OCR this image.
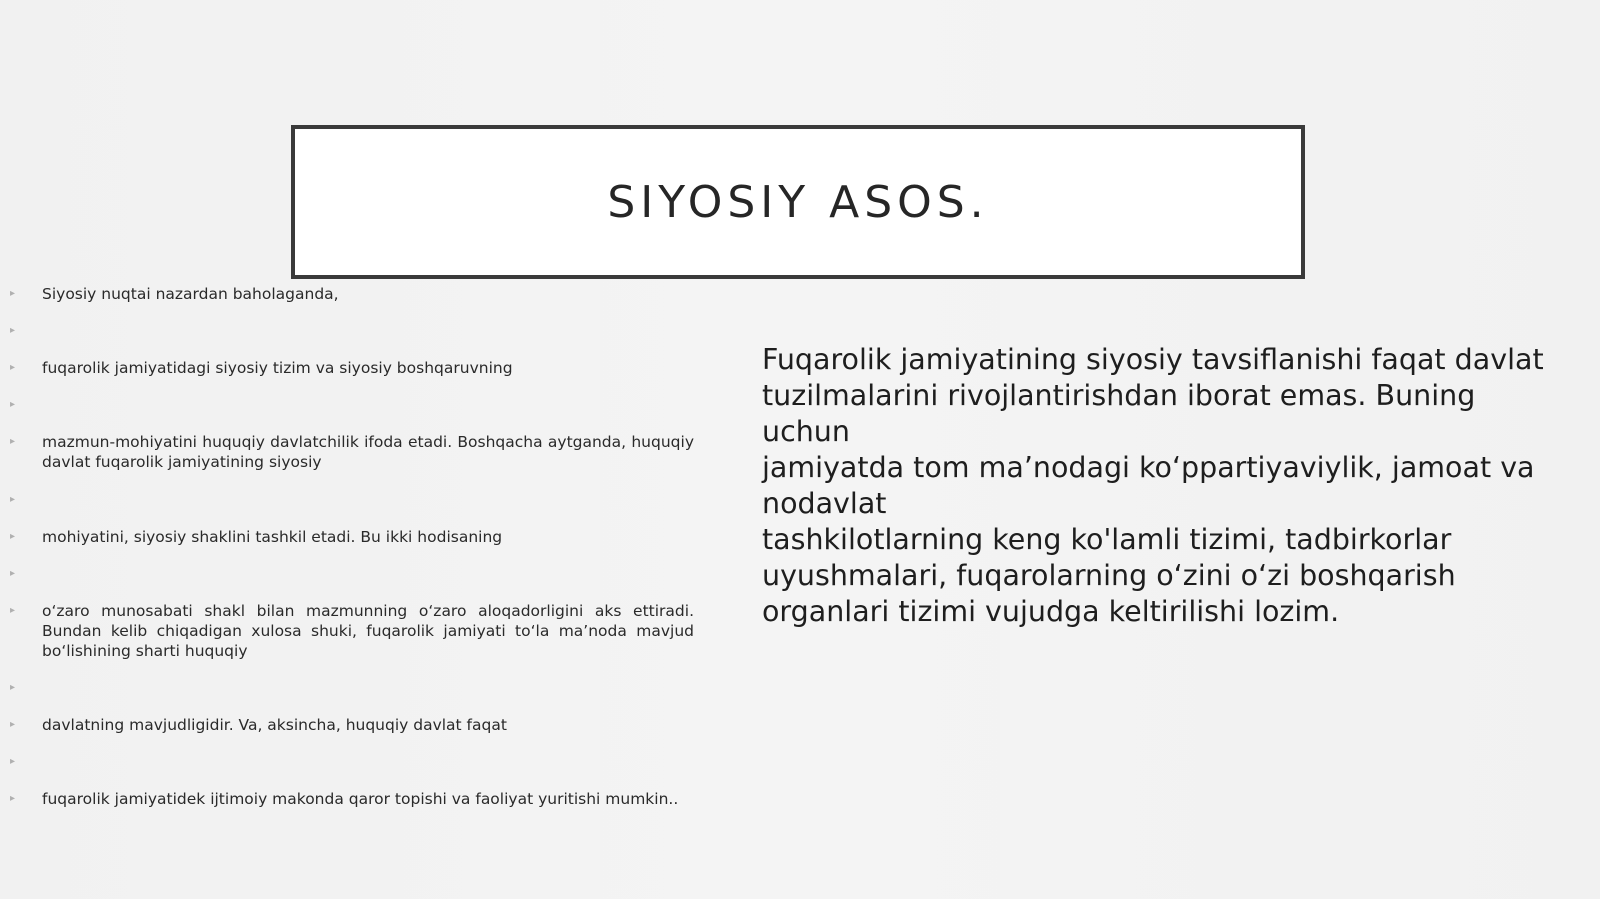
SIYOSIY ASOS.
▸ Siyosiy nuqtai nazardan baholaganda,
▸
▸ fuqarolik jamiyatidagi siyosiy tizim va siyosiy boshqaruvning
▸
▸ mazmun-mohiyatini huquqiy davlatchilik ifoda etadi. Boshqacha aytganda, huquqiy davlat fuqarolik jamiyatining siyosiy
▸
▸ mohiyatini, siyosiy shaklini tashkil etadi. Bu ikki hodisaning
▸
▸ o‘zaro munosabati shakl bilan mazmunning o‘zaro aloqadorligini aks ettiradi. Bundan kelib chiqadigan xulosa shuki, fuqarolik jamiyati to‘la ma’noda mavjud bo‘lishining sharti huquqiy
▸
▸ davlatning mavjudligidir. Va, aksincha, huquqiy davlat faqat
▸
▸ fuqarolik jamiyatidek ijtimoiy makonda qaror topishi va faoliyat yuritishi mumkin..
Fuqarolik jamiyatining siyosiy tavsiflanishi faqat davlat
tuzilmalarini rivojlantirishdan iborat emas. Buning
uchun
jamiyatda tom ma’nodagi ko‘ppartiyaviylik, jamoat va
nodavlat
tashkilotlarning keng ko'lamli tizimi, tadbirkorlar
uyushmalari, fuqarolarning o‘zini o‘zi boshqarish
organlari tizimi vujudga keltirilishi lozim.
